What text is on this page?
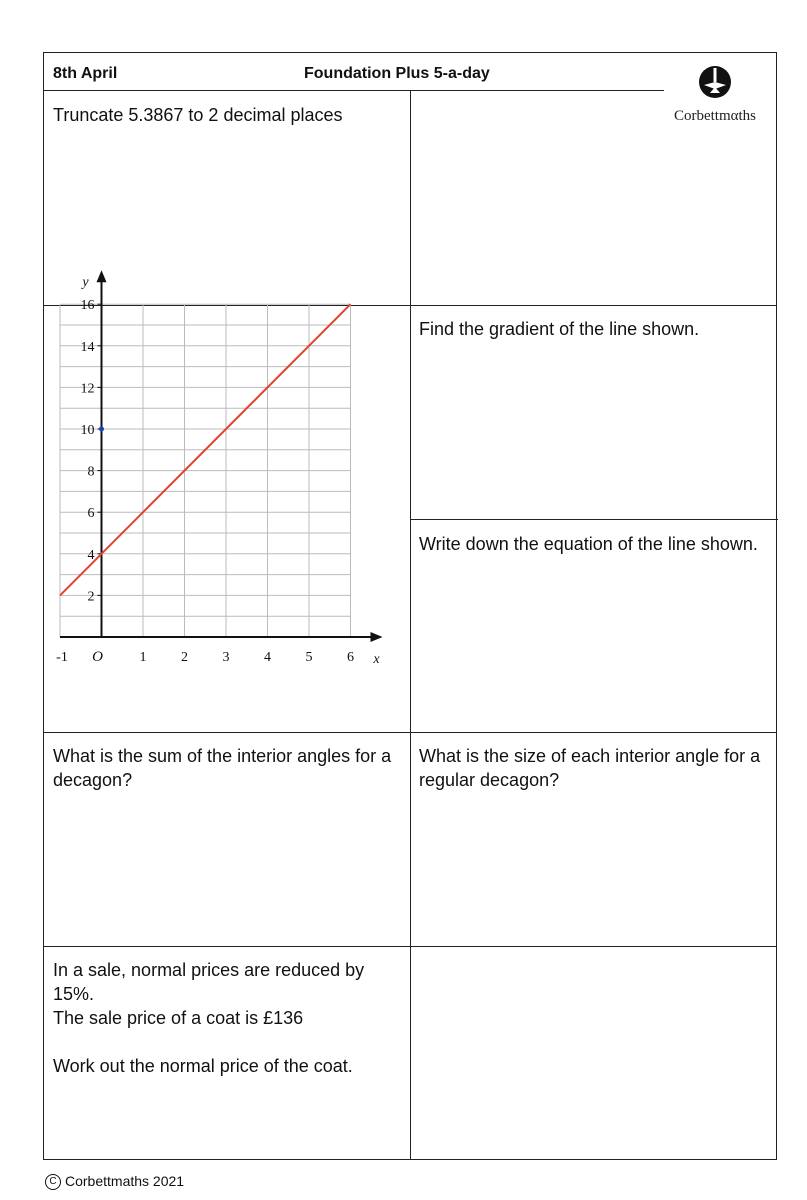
8th April	Foundation Plus 5-a-day
Corbettmαths
Truncate 5.3867 to 2 decimal places
Find the gradient of the line shown.
Write down the equation of the line shown.
What is the sum of the interior angles for a decagon?
What is the size of each interior angle for a regular decagon?
In a sale, normal prices are reduced by 15%.
The sale price of a coat is £136
Work out the normal price of the coat.
2
4
6
8
10
12
14
16
-1	1 2 3 4 5 6
O	x
y
C Corbettmaths 2021
